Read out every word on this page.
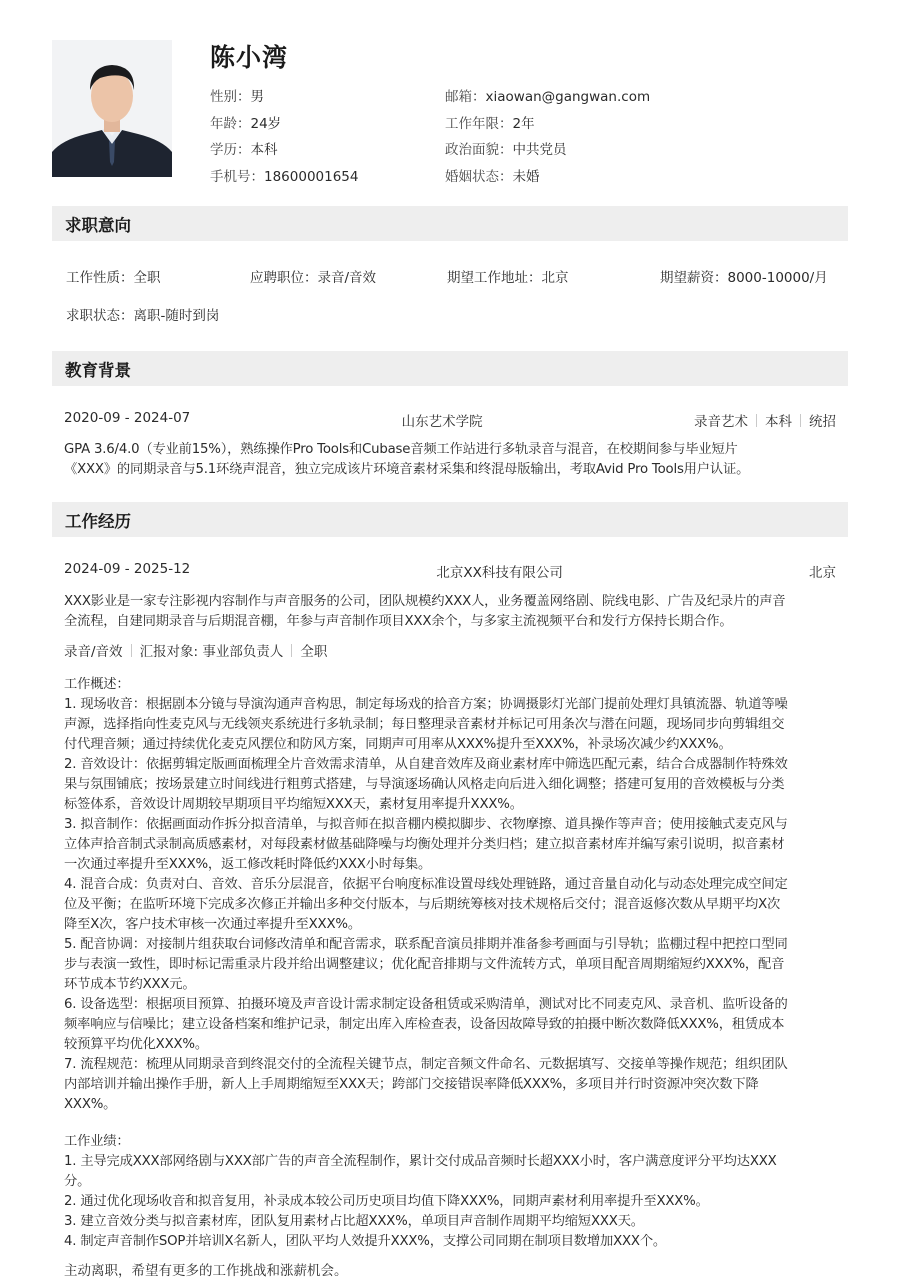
陈小湾
性别：男	邮箱：xiaowan@gangwan.com
年龄：24岁	工作年限：2年
学历：本科	政治面貌：中共党员
手机号：18600001654	婚姻状态：未婚
求职意向
工作性质：全职	应聘职位：录音/音效	期望工作地址：北京	期望薪资：8000-10000/月
求职状态：离职-随时到岗
教育背景
2020-09 - 2024-07	山东艺术学院	录音艺术 本科 统招

GPA 3.6/4.0（专业前15%），熟练操作Pro Tools和Cubase音频工作站进行多轨录音与混音，在校期间参与毕业短片

《XXX》的同期录音与5.1环绕声混音，独立完成该片环境音素材采集和终混母版输出，考取Avid Pro Tools用户认证。

工作经历
2024-09 - 2025-12	北京XX科技有限公司	北京

XXX影业是一家专注影视内容制作与声音服务的公司，团队规模约XXX人，业务覆盖网络剧、院线电影、广告及纪录片的声音

全流程，自建同期录音与后期混音棚，年参与声音制作项目XXX余个，与多家主流视频平台和发行方保持长期合作。

录音/音效 汇报对象: 事业部负责人 全职

工作概述：

1. 现场收音：根据剧本分镜与导演沟通声音构思，制定每场戏的拾音方案；协调摄影灯光部门提前处理灯具镇流器、轨道等噪

声源，选择指向性麦克风与无线领夹系统进行多轨录制；每日整理录音素材并标记可用条次与潜在问题，现场同步向剪辑组交

付代理音频；通过持续优化麦克风摆位和防风方案，同期声可用率从XXX%提升至XXX%，补录场次减少约XXX%。

2. 音效设计：依据剪辑定版画面梳理全片音效需求清单，从自建音效库及商业素材库中筛选匹配元素，结合合成器制作特殊效

果与氛围铺底；按场景建立时间线进行粗剪式搭建，与导演逐场确认风格走向后进入细化调整；搭建可复用的音效模板与分类

标签体系，音效设计周期较早期项目平均缩短XXX天，素材复用率提升XXX%。

3. 拟音制作：依据画面动作拆分拟音清单，与拟音师在拟音棚内模拟脚步、衣物摩擦、道具操作等声音；使用接触式麦克风与

立体声拾音制式录制高质感素材，对每段素材做基础降噪与均衡处理并分类归档；建立拟音素材库并编写索引说明，拟音素材

一次通过率提升至XXX%，返工修改耗时降低约XXX小时每集。

4. 混音合成：负责对白、音效、音乐分层混音，依据平台响度标准设置母线处理链路，通过音量自动化与动态处理完成空间定

位及平衡；在监听环境下完成多次修正并输出多种交付版本，与后期统筹核对技术规格后交付；混音返修次数从早期平均X次

降至X次，客户技术审核一次通过率提升至XXX%。

5. 配音协调：对接制片组获取台词修改清单和配音需求，联系配音演员排期并准备参考画面与引导轨；监棚过程中把控口型同

步与表演一致性，即时标记需重录片段并给出调整建议；优化配音排期与文件流转方式，单项目配音周期缩短约XXX%，配音

环节成本节约XXX元。

6. 设备选型：根据项目预算、拍摄环境及声音设计需求制定设备租赁或采购清单，测试对比不同麦克风、录音机、监听设备的

频率响应与信噪比；建立设备档案和维护记录，制定出库入库检查表，设备因故障导致的拍摄中断次数降低XXX%，租赁成本

较预算平均优化XXX%。

7. 流程规范：梳理从同期录音到终混交付的全流程关键节点，制定音频文件命名、元数据填写、交接单等操作规范；组织团队

内部培训并输出操作手册，新人上手周期缩短至XXX天；跨部门交接错误率降低XXX%，多项目并行时资源冲突次数下降

XXX%。

工作业绩：

1. 主导完成XXX部网络剧与XXX部广告的声音全流程制作，累计交付成品音频时长超XXX小时，客户满意度评分平均达XXX

分。

2. 通过优化现场收音和拟音复用，补录成本较公司历史项目均值下降XXX%，同期声素材利用率提升至XXX%。

3. 建立音效分类与拟音素材库，团队复用素材占比超XXX%，单项目声音制作周期平均缩短XXX天。

4. 制定声音制作SOP并培训X名新人，团队平均人效提升XXX%，支撑公司同期在制项目数增加XXX个。

主动离职，希望有更多的工作挑战和涨薪机会。
